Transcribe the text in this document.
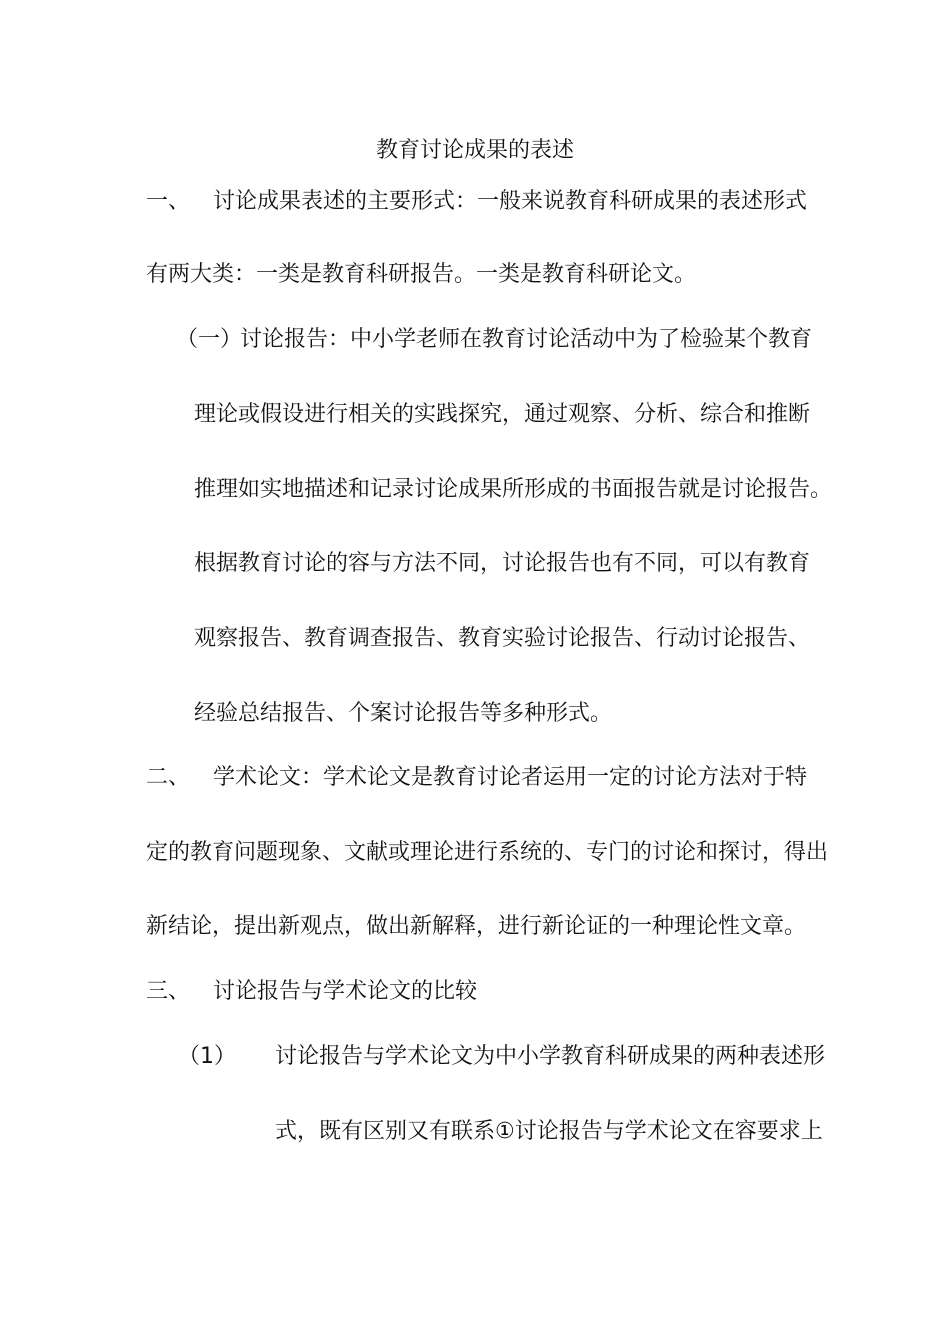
教育讨论成果的表述
一、 讨论成果表述的主要形式：一般来说教育科研成果的表述形式
有两大类：一类是教育科研报告。一类是教育科研论文。
（一）
讨论报告：中小学老师在教育讨论活动中为了检验某个教育
理论或假设进行相关的实践探究，通过观察、分析、综合和推断
推理如实地描述和记录讨论成果所形成的书面报告就是讨论报告。
根据教育讨论的容与方法不同，讨论报告也有不同，可以有教育
观察报告、教育调查报告、教育实验讨论报告、行动讨论报告、
经验总结报告、个案讨论报告等多种形式。
二、 学术论文：学术论文是教育讨论者运用一定的讨论方法对于特
定的教育问题现象、文献或理论进行系统的、专门的讨论和探讨，得出
新结论，提出新观点，做出新解释，进行新论证的一种理论性文章。
三、 讨论报告与学术论文的比较
（1） 讨论报告与学术论文为中小学教育科研成果的两种表述形
式，既有区别又有联系①讨论报告与学术论文在容要求上
